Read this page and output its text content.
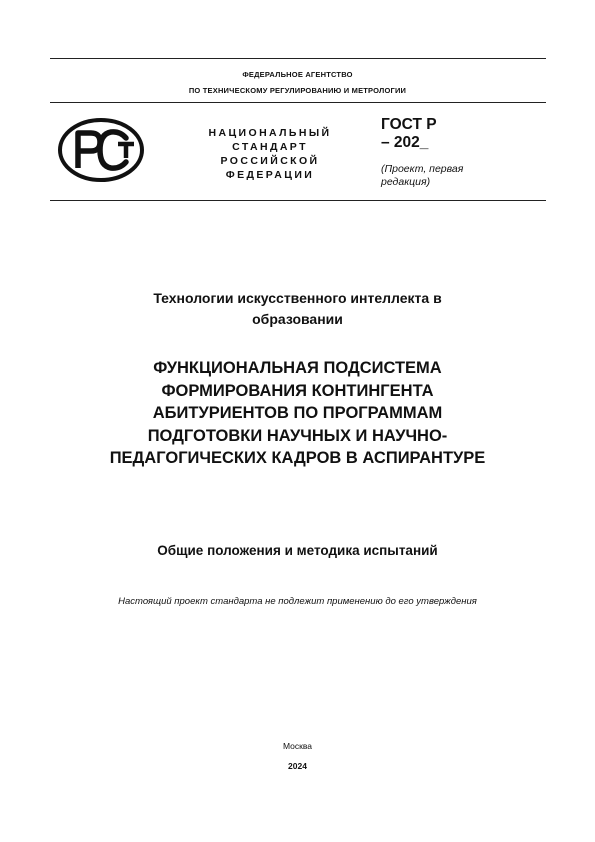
ФЕДЕРАЛЬНОЕ АГЕНТСТВО
ПО ТЕХНИЧЕСКОМУ РЕГУЛИРОВАНИЮ И МЕТРОЛОГИИ
НАЦИОНАЛЬНЫЙ
СТАНДАРТ
РОССИЙСКОЙ
ФЕДЕРАЦИИ
ГОСТ Р
– 202_
(Проект, первая
редакция)
Технологии искусственного интеллекта в
образовании
ФУНКЦИОНАЛЬНАЯ ПОДСИСТЕМА
ФОРМИРОВАНИЯ КОНТИНГЕНТА
АБИТУРИЕНТОВ ПО ПРОГРАММАМ
ПОДГОТОВКИ НАУЧНЫХ И НАУЧНО-
ПЕДАГОГИЧЕСКИХ КАДРОВ В АСПИРАНТУРЕ
Общие положения и методика испытаний
Настоящий проект стандарта не подлежит применению до его утверждения
Москва
2024
